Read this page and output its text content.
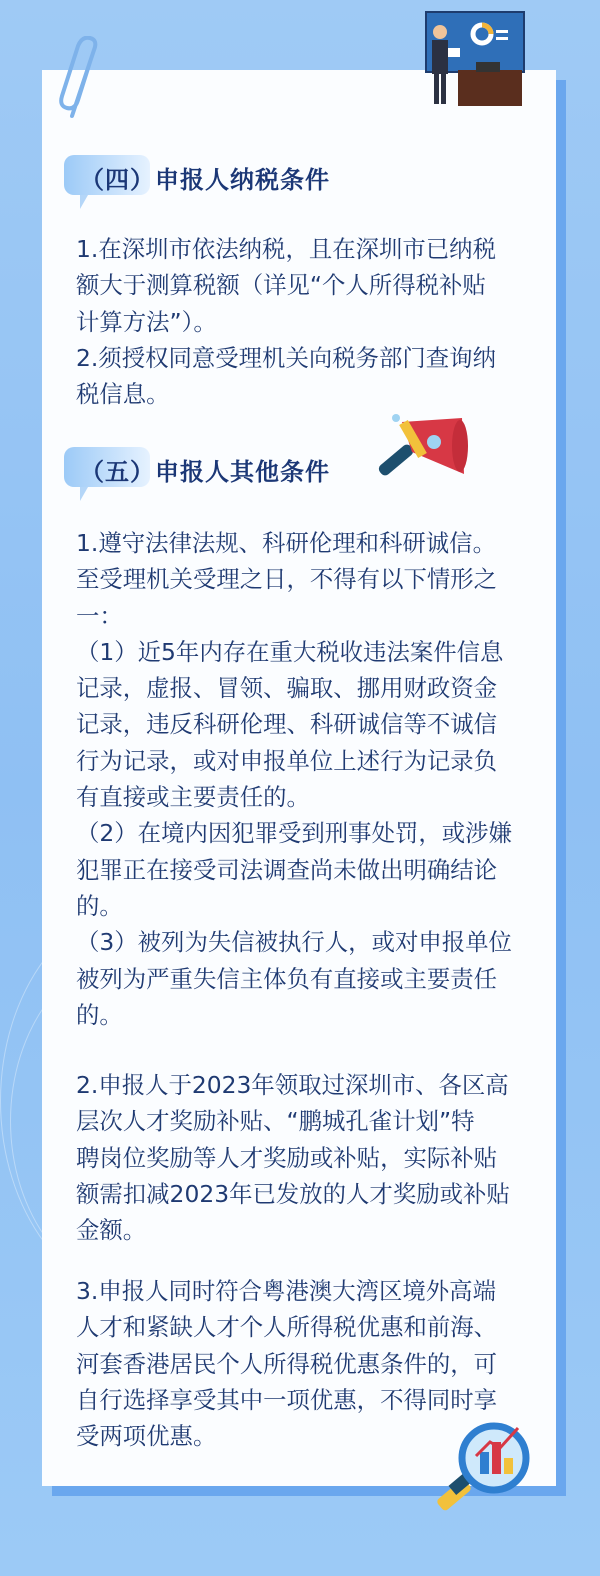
（四）申报人纳税条件
1.在深圳市依法纳税，且在深圳市已纳税
额大于测算税额（详见“个人所得税补贴
计算方法”）。
2.须授权同意受理机关向税务部门查询纳
税信息。
（五）申报人其他条件
1.遵守法律法规、科研伦理和科研诚信。
至受理机关受理之日，不得有以下情形之
一：
（1）近5年内存在重大税收违法案件信息
记录，虚报、冒领、骗取、挪用财政资金
记录，违反科研伦理、科研诚信等不诚信
行为记录，或对申报单位上述行为记录负
有直接或主要责任的。
（2）在境内因犯罪受到刑事处罚，或涉嫌
犯罪正在接受司法调查尚未做出明确结论
的。
（3）被列为失信被执行人，或对申报单位
被列为严重失信主体负有直接或主要责任
的。
2.申报人于2023年领取过深圳市、各区高
层次人才奖励补贴、“鹏城孔雀计划”特
聘岗位奖励等人才奖励或补贴，实际补贴
额需扣减2023年已发放的人才奖励或补贴
金额。
3.申报人同时符合粤港澳大湾区境外高端
人才和紧缺人才个人所得税优惠和前海、
河套香港居民个人所得税优惠条件的，可
自行选择享受其中一项优惠，不得同时享
受两项优惠。
